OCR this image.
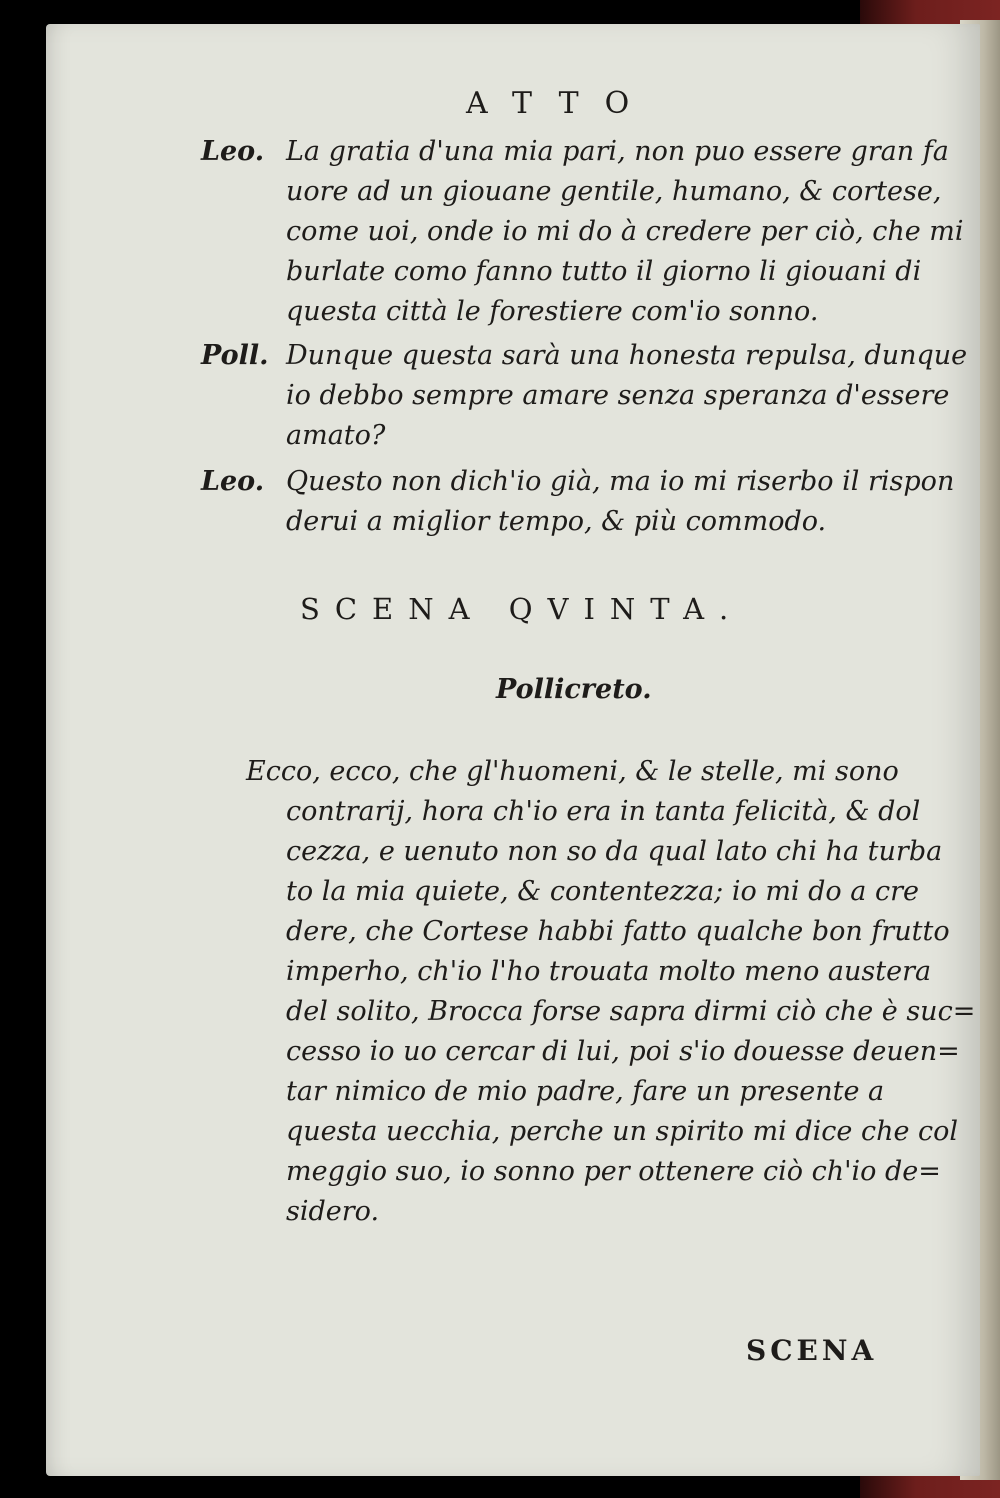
ATTO
Leo. La gratia d'una mia pari, non puo essere gran fa
uore ad un giouane gentile, humano, & cortese,
come uoi, onde io mi do à credere per ciò, che mi
burlate como fanno tutto il giorno li giouani di
questa città le forestiere com'io sonno.
Poll. Dunque questa sarà una honesta repulsa, dunque
io debbo sempre amare senza speranza d'essere
amato?
Leo. Questo non dich'io già, ma io mi riserbo il rispon
derui a miglior tempo, & più commodo.
SCENA QVINTA.
Pollicreto.
Ecco, ecco, che gl'huomeni, & le stelle, mi sono
contrarij, hora ch'io era in tanta felicità, & dol
cezza, e uenuto non so da qual lato chi ha turba
to la mia quiete, & contentezza; io mi do a cre
dere, che Cortese habbi fatto qualche bon frutto
imperho, ch'io l'ho trouata molto meno austera
del solito, Brocca forse sapra dirmi ciò che è suc=
cesso io uo cercar di lui, poi s'io douesse deuen=
tar nimico de mio padre, fare un presente a
questa uecchia, perche un spirito mi dice che col
meggio suo, io sonno per ottenere ciò ch'io de=
sidero.
SCENA
